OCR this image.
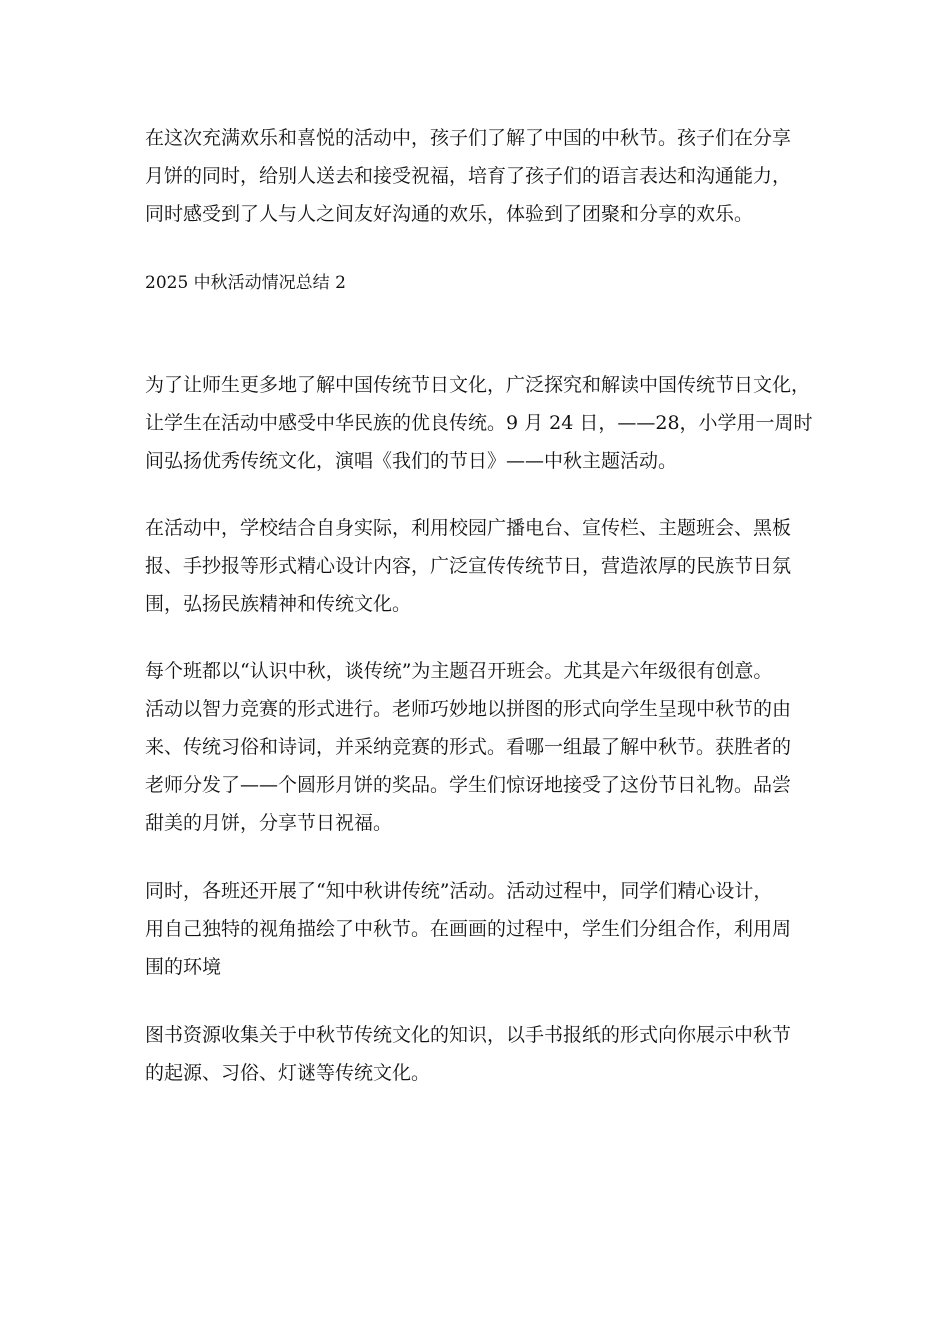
在这次充满欢乐和喜悦的活动中，孩子们了解了中国的中秋节。孩子们在分享
月饼的同时，给别人送去和接受祝福，培育了孩子们的语言表达和沟通能力，
同时感受到了人与人之间友好沟通的欢乐，体验到了团聚和分享的欢乐。

2025 中秋活动情况总结 2

为了让师生更多地了解中国传统节日文化，广泛探究和解读中国传统节日文化，
让学生在活动中感受中华民族的优良传统。9 月 24 日，——28，小学用一周时
间弘扬优秀传统文化，演唱《我们的节日》——中秋主题活动。

在活动中，学校结合自身实际，利用校园广播电台、宣传栏、主题班会、黑板
报、手抄报等形式精心设计内容，广泛宣传传统节日，营造浓厚的民族节日氛
围，弘扬民族精神和传统文化。

每个班都以“认识中秋，谈传统”为主题召开班会。尤其是六年级很有创意。
活动以智力竞赛的形式进行。老师巧妙地以拼图的形式向学生呈现中秋节的由
来、传统习俗和诗词，并采纳竞赛的形式。看哪一组最了解中秋节。获胜者的
老师分发了——个圆形月饼的奖品。学生们惊讶地接受了这份节日礼物。品尝
甜美的月饼，分享节日祝福。

同时，各班还开展了“知中秋讲传统”活动。活动过程中，同学们精心设计，
用自己独特的视角描绘了中秋节。在画画的过程中，学生们分组合作，利用周
围的环境

图书资源收集关于中秋节传统文化的知识，以手书报纸的形式向你展示中秋节
的起源、习俗、灯谜等传统文化。
